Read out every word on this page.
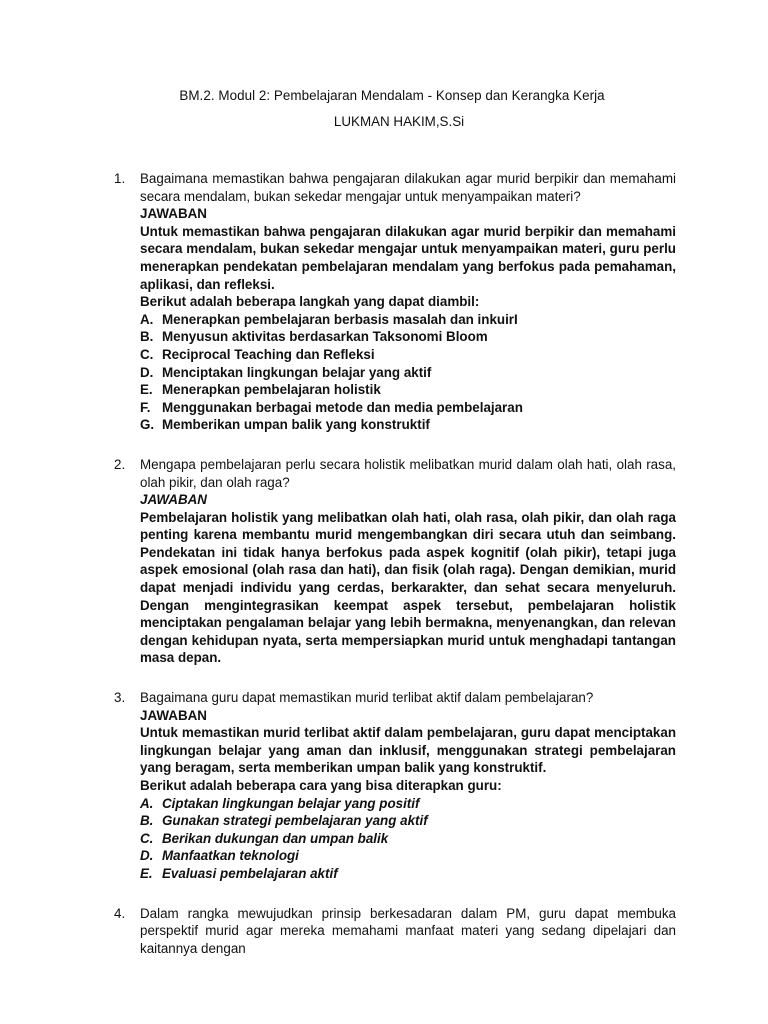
BM.2. Modul 2: Pembelajaran Mendalam - Konsep dan Kerangka Kerja

LUKMAN HAKIM,S.Si

1. Bagaimana memastikan bahwa pengajaran dilakukan agar murid berpikir dan memahami secara mendalam, bukan sekedar mengajar untuk menyampaikan materi?
JAWABAN
Untuk memastikan bahwa pengajaran dilakukan agar murid berpikir dan memahami secara mendalam, bukan sekedar mengajar untuk menyampaikan materi, guru perlu menerapkan pendekatan pembelajaran mendalam yang berfokus pada pemahaman, aplikasi, dan refleksi.
Berikut adalah beberapa langkah yang dapat diambil:
A. Menerapkan pembelajaran berbasis masalah dan inkuirI
B. Menyusun aktivitas berdasarkan Taksonomi Bloom
C. Reciprocal Teaching dan Refleksi
D. Menciptakan lingkungan belajar yang aktif
E. Menerapkan pembelajaran holistik
F. Menggunakan berbagai metode dan media pembelajaran
G. Memberikan umpan balik yang konstruktif
2. Mengapa pembelajaran perlu secara holistik melibatkan murid dalam olah hati, olah rasa, olah pikir, dan olah raga?
JAWABAN
Pembelajaran holistik yang melibatkan olah hati, olah rasa, olah pikir, dan olah raga penting karena membantu murid mengembangkan diri secara utuh dan seimbang. Pendekatan ini tidak hanya berfokus pada aspek kognitif (olah pikir), tetapi juga aspek emosional (olah rasa dan hati), dan fisik (olah raga). Dengan demikian, murid dapat menjadi individu yang cerdas, berkarakter, dan sehat secara menyeluruh. Dengan mengintegrasikan keempat aspek tersebut, pembelajaran holistik menciptakan pengalaman belajar yang lebih bermakna, menyenangkan, dan relevan dengan kehidupan nyata, serta mempersiapkan murid untuk menghadapi tantangan masa depan.
3. Bagaimana guru dapat memastikan murid terlibat aktif dalam pembelajaran?
JAWABAN
Untuk memastikan murid terlibat aktif dalam pembelajaran, guru dapat menciptakan lingkungan belajar yang aman dan inklusif, menggunakan strategi pembelajaran yang beragam, serta memberikan umpan balik yang konstruktif.
Berikut adalah beberapa cara yang bisa diterapkan guru:
A. Ciptakan lingkungan belajar yang positif
B. Gunakan strategi pembelajaran yang aktif
C. Berikan dukungan dan umpan balik
D. Manfaatkan teknologi
E. Evaluasi pembelajaran aktif
4. Dalam rangka mewujudkan prinsip berkesadaran dalam PM, guru dapat membuka perspektif murid agar mereka memahami manfaat materi yang sedang dipelajari dan kaitannya dengan
